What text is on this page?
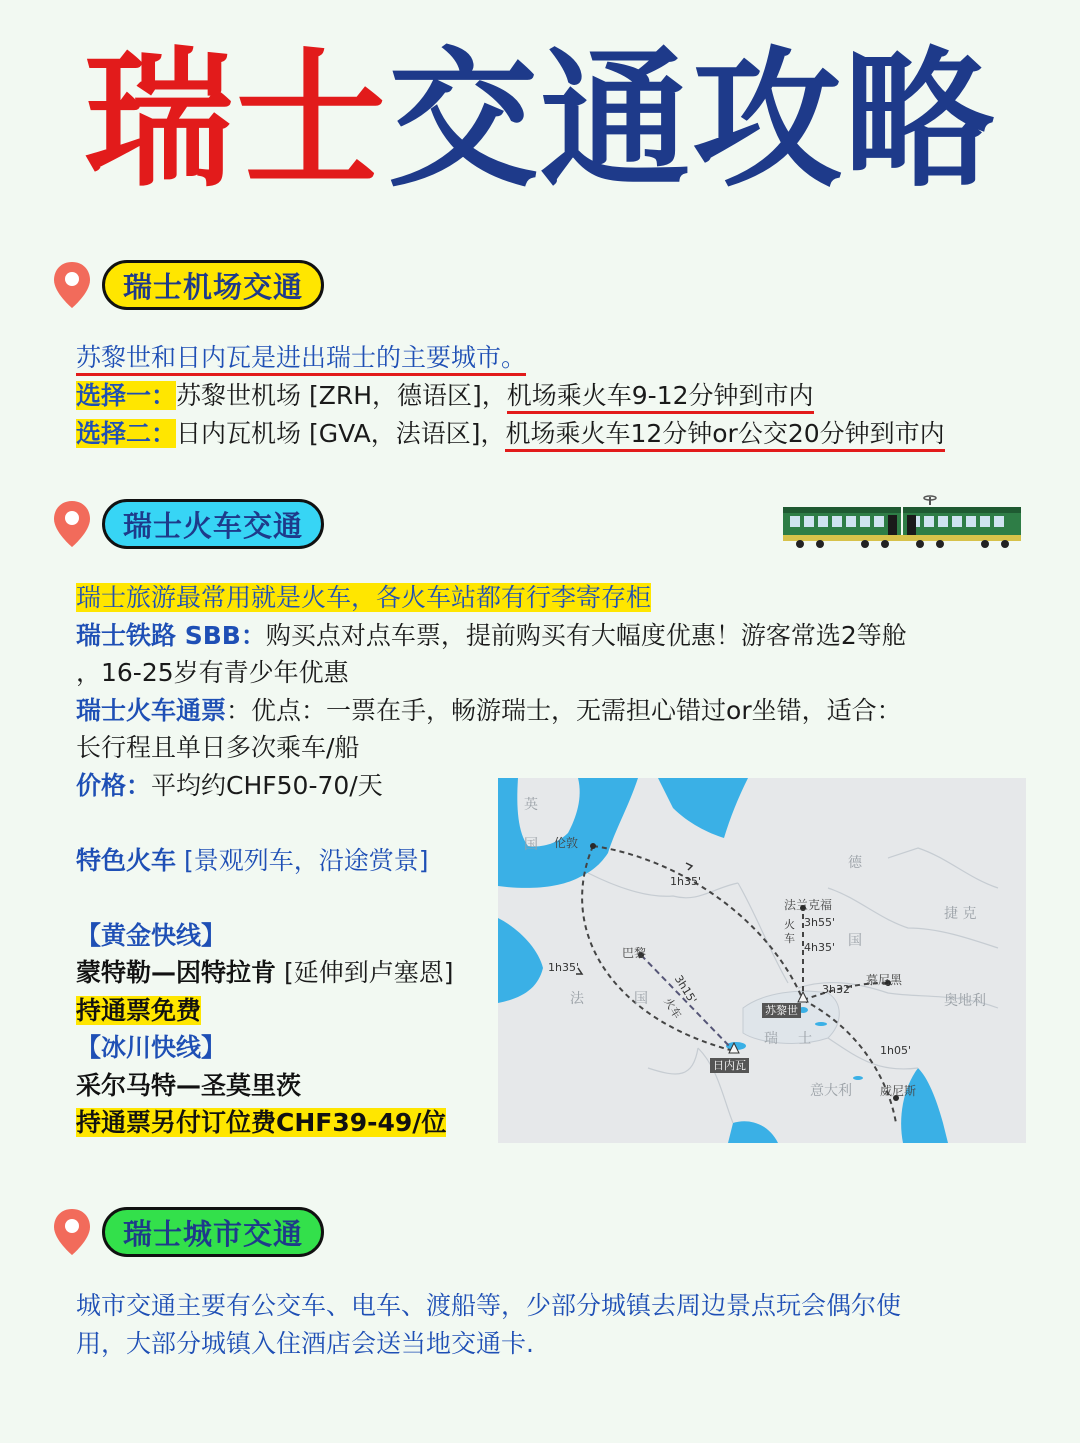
瑞士交通攻略
瑞士机场交通
苏黎世和日内瓦是进出瑞士的主要城市。
选择一：苏黎世机场 [ZRH，德语区]，机场乘火车9-12分钟到市内
选择二：日内瓦机场 [GVA，法语区]，机场乘火车12分钟or公交20分钟到市内
瑞士火车交通
瑞士旅游最常用就是火车，各火车站都有行李寄存柜
瑞士铁路 SBB：购买点对点车票，提前购买有大幅度优惠！游客常选2等舱
，16-25岁有青少年优惠
瑞士火车通票：优点：一票在手，畅游瑞士，无需担心错过or坐错，适合：
长行程且单日多次乘车/船
价格：平均约CHF50-70/天
特色火车 [景观列车，沿途赏景]
【黄金快线】
蒙特勒—因特拉肯 [延伸到卢塞恩]
持通票免费
【冰川快线】
采尔马特—圣莫里茨
持通票另付订位费CHF39-49/位
英
国
德
国
捷 克
法	国	奥地利
瑞 士
意大利
伦敦
巴黎
法兰克福
慕尼黑
苏黎世
日内瓦
威尼斯
1h35'
1h35'
火
车
3h55'
4h35'
3h32'
3h15'
火车
1h05'
瑞士城市交通
城市交通主要有公交车、电车、渡船等，少部分城镇去周边景点玩会偶尔使
用，大部分城镇入住酒店会送当地交通卡.
